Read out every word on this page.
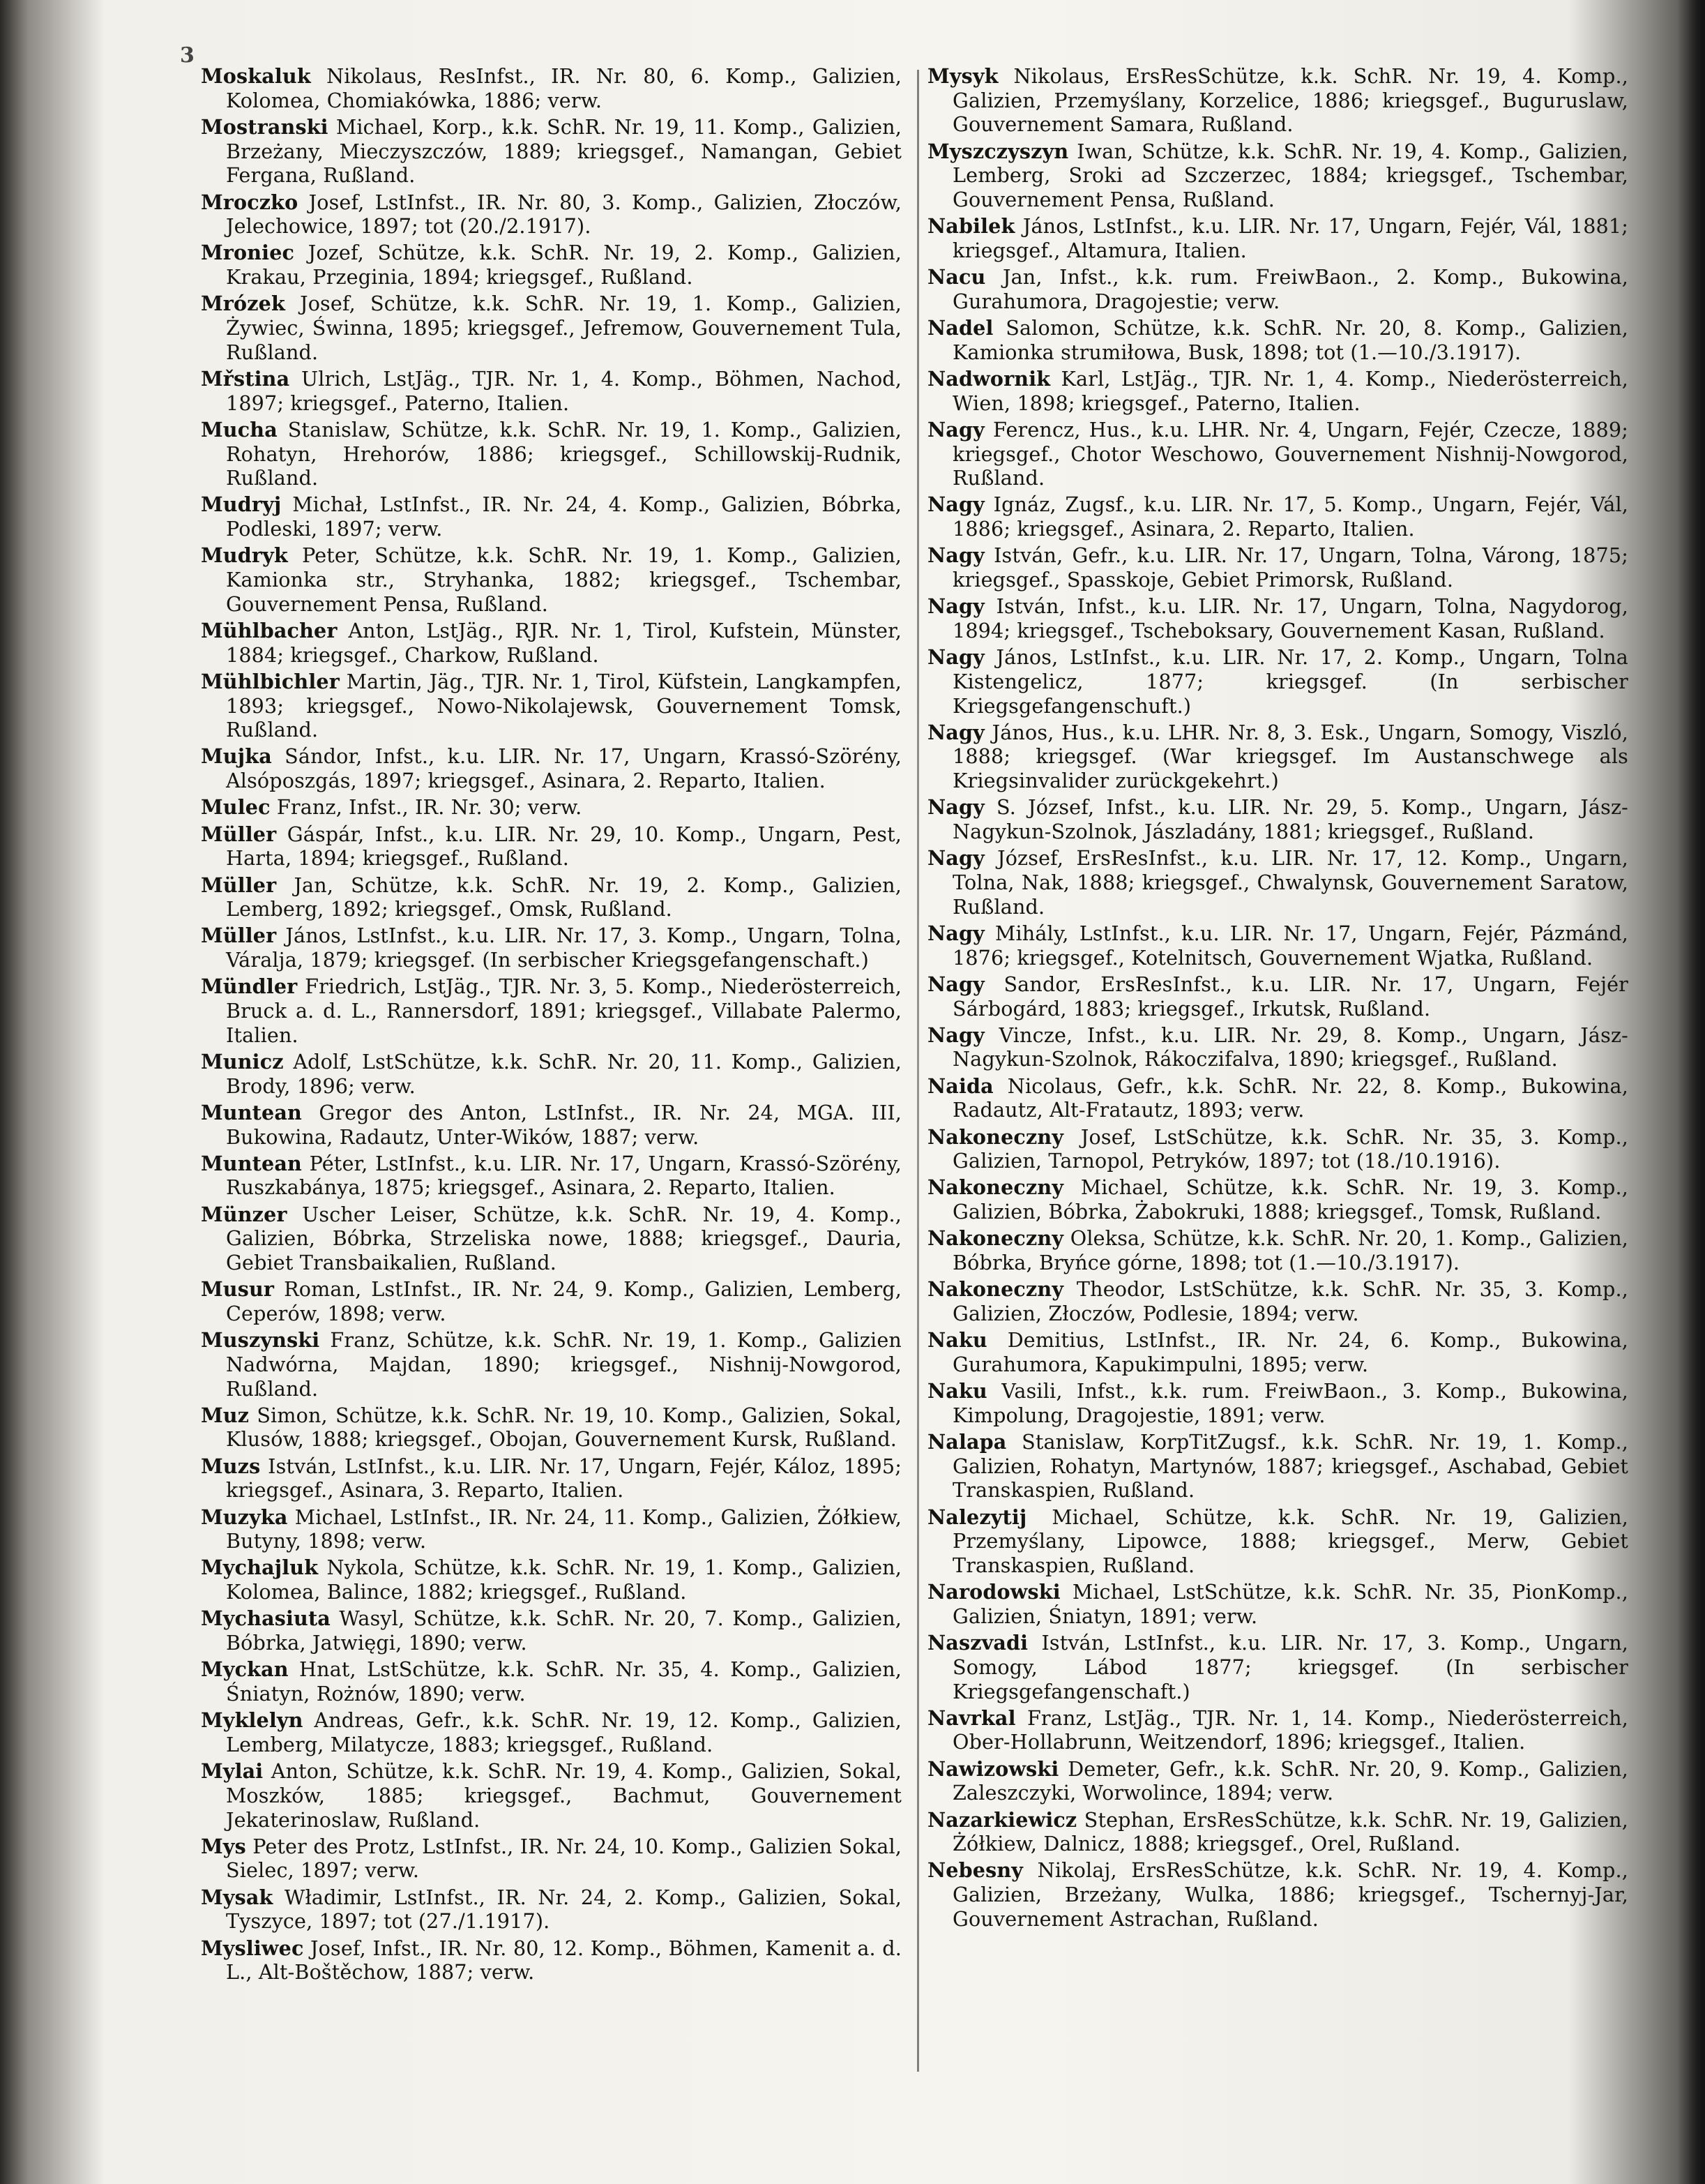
3

Moskaluk Nikolaus, ResInfst., IR. Nr. 80, 6. Komp., Galizien, Kolomea, Chomiakówka, 1886; verw.

Mostranski Michael, Korp., k.k. SchR. Nr. 19, 11. Komp., Galizien, Brzeżany, Mieczyszczów, 1889; kriegsgef., Namangan, Gebiet Fergana, Rußland.

Mroczko Josef, LstInfst., IR. Nr. 80, 3. Komp., Galizien, Złoczów, Jelechowice, 1897; tot (20./2.1917).

Mroniec Jozef, Schütze, k.k. SchR. Nr. 19, 2. Komp., Galizien, Krakau, Przeginia, 1894; kriegsgef., Rußland.

Mrózek Josef, Schütze, k.k. SchR. Nr. 19, 1. Komp., Galizien, Żywiec, Świnna, 1895; kriegsgef., Jefremow, Gouvernement Tula, Rußland.

Mřstina Ulrich, LstJäg., TJR. Nr. 1, 4. Komp., Böhmen, Nachod, 1897; kriegsgef., Paterno, Italien.

Mucha Stanislaw, Schütze, k.k. SchR. Nr. 19, 1. Komp., Galizien, Rohatyn, Hrehorów, 1886; kriegsgef., Schillowskij-Rudnik, Rußland.

Mudryj Michał, LstInfst., IR. Nr. 24, 4. Komp., Galizien, Bóbrka, Podleski, 1897; verw.

Mudryk Peter, Schütze, k.k. SchR. Nr. 19, 1. Komp., Galizien, Kamionka str., Stryhanka, 1882; kriegsgef., Tschembar, Gouvernement Pensa, Rußland.

Mühlbacher Anton, LstJäg., RJR. Nr. 1, Tirol, Kufstein, Münster, 1884; kriegsgef., Charkow, Rußland.

Mühlbichler Martin, Jäg., TJR. Nr. 1, Tirol, Küfstein, Langkampfen, 1893; kriegsgef., Nowo-Nikolajewsk, Gouvernement Tomsk, Rußland.

Mujka Sándor, Infst., k.u. LIR. Nr. 17, Ungarn, Krassó-Szörény, Alsóposzgás, 1897; kriegsgef., Asinara, 2. Reparto, Italien.

Mulec Franz, Infst., IR. Nr. 30; verw.

Müller Gáspár, Infst., k.u. LIR. Nr. 29, 10. Komp., Ungarn, Pest, Harta, 1894; kriegsgef., Rußland.

Müller Jan, Schütze, k.k. SchR. Nr. 19, 2. Komp., Galizien, Lemberg, 1892; kriegsgef., Omsk, Rußland.

Müller János, LstInfst., k.u. LIR. Nr. 17, 3. Komp., Ungarn, Tolna, Váralja, 1879; kriegsgef. (In serbischer Kriegsgefangenschaft.)

Mündler Friedrich, LstJäg., TJR. Nr. 3, 5. Komp., Niederösterreich, Bruck a. d. L., Rannersdorf, 1891; kriegsgef., Villabate Palermo, Italien.

Municz Adolf, LstSchütze, k.k. SchR. Nr. 20, 11. Komp., Galizien, Brody, 1896; verw.

Muntean Gregor des Anton, LstInfst., IR. Nr. 24, MGA. III, Bukowina, Radautz, Unter-Wików, 1887; verw.

Muntean Péter, LstInfst., k.u. LIR. Nr. 17, Ungarn, Krassó-Szörény, Ruszkabánya, 1875; kriegsgef., Asinara, 2. Reparto, Italien.

Münzer Uscher Leiser, Schütze, k.k. SchR. Nr. 19, 4. Komp., Galizien, Bóbrka, Strzeliska nowe, 1888; kriegsgef., Dauria, Gebiet Transbaikalien, Rußland.

Musur Roman, LstInfst., IR. Nr. 24, 9. Komp., Galizien, Lemberg, Ceperów, 1898; verw.

Muszynski Franz, Schütze, k.k. SchR. Nr. 19, 1. Komp., Galizien Nadwórna, Majdan, 1890; kriegsgef., Nishnij-Nowgorod, Rußland.

Muz Simon, Schütze, k.k. SchR. Nr. 19, 10. Komp., Galizien, Sokal, Klusów, 1888; kriegsgef., Obojan, Gouvernement Kursk, Rußland.

Muzs István, LstInfst., k.u. LIR. Nr. 17, Ungarn, Fejér, Káloz, 1895; kriegsgef., Asinara, 3. Reparto, Italien.

Muzyka Michael, LstInfst., IR. Nr. 24, 11. Komp., Galizien, Żółkiew, Butyny, 1898; verw.

Mychajluk Nykola, Schütze, k.k. SchR. Nr. 19, 1. Komp., Galizien, Kolomea, Balince, 1882; kriegsgef., Rußland.

Mychasiuta Wasyl, Schütze, k.k. SchR. Nr. 20, 7. Komp., Galizien, Bóbrka, Jatwięgi, 1890; verw.

Myckan Hnat, LstSchütze, k.k. SchR. Nr. 35, 4. Komp., Galizien, Śniatyn, Rożnów, 1890; verw.

Myklelyn Andreas, Gefr., k.k. SchR. Nr. 19, 12. Komp., Galizien, Lemberg, Milatycze, 1883; kriegsgef., Rußland.

Mylai Anton, Schütze, k.k. SchR. Nr. 19, 4. Komp., Galizien, Sokal, Moszków, 1885; kriegsgef., Bachmut, Gouvernement Jekaterinoslaw, Rußland.

Mys Peter des Protz, LstInfst., IR. Nr. 24, 10. Komp., Galizien Sokal, Sielec, 1897; verw.

Mysak Władimir, LstInfst., IR. Nr. 24, 2. Komp., Galizien, Sokal, Tyszyce, 1897; tot (27./1.1917).

Mysliwec Josef, Infst., IR. Nr. 80, 12. Komp., Böhmen, Kamenit a. d. L., Alt-Boštěchow, 1887; verw.

Mysyk Nikolaus, ErsResSchütze, k.k. SchR. Nr. 19, 4. Komp., Galizien, Przemyślany, Korzelice, 1886; kriegsgef., Buguruslaw, Gouvernement Samara, Rußland.

Myszczyszyn Iwan, Schütze, k.k. SchR. Nr. 19, 4. Komp., Galizien, Lemberg, Sroki ad Szczerzec, 1884; kriegsgef., Tschembar, Gouvernement Pensa, Rußland.

Nabilek János, LstInfst., k.u. LIR. Nr. 17, Ungarn, Fejér, Vál, 1881; kriegsgef., Altamura, Italien.

Nacu Jan, Infst., k.k. rum. FreiwBaon., 2. Komp., Bukowina, Gurahumora, Dragojestie; verw.

Nadel Salomon, Schütze, k.k. SchR. Nr. 20, 8. Komp., Galizien, Kamionka strumiłowa, Busk, 1898; tot (1.—10./3.1917).

Nadwornik Karl, LstJäg., TJR. Nr. 1, 4. Komp., Niederösterreich, Wien, 1898; kriegsgef., Paterno, Italien.

Nagy Ferencz, Hus., k.u. LHR. Nr. 4, Ungarn, Fejér, Czecze, 1889; kriegsgef., Chotor Weschowo, Gouvernement Nishnij-Nowgorod, Rußland.

Nagy Ignáz, Zugsf., k.u. LIR. Nr. 17, 5. Komp., Ungarn, Fejér, Vál, 1886; kriegsgef., Asinara, 2. Reparto, Italien.

Nagy István, Gefr., k.u. LIR. Nr. 17, Ungarn, Tolna, Várong, 1875; kriegsgef., Spasskoje, Gebiet Primorsk, Rußland.

Nagy István, Infst., k.u. LIR. Nr. 17, Ungarn, Tolna, Nagydorog, 1894; kriegsgef., Tscheboksary, Gouvernement Kasan, Rußland.

Nagy János, LstInfst., k.u. LIR. Nr. 17, 2. Komp., Ungarn, Tolna Kistengelicz, 1877; kriegsgef. (In serbischer Kriegsgefangenschuft.)

Nagy János, Hus., k.u. LHR. Nr. 8, 3. Esk., Ungarn, Somogy, Viszló, 1888; kriegsgef. (War kriegsgef. Im Austanschwege als Kriegsinvalider zurückgekehrt.)

Nagy S. József, Infst., k.u. LIR. Nr. 29, 5. Komp., Ungarn, Jász-Nagykun-Szolnok, Jászladány, 1881; kriegsgef., Rußland.

Nagy József, ErsResInfst., k.u. LIR. Nr. 17, 12. Komp., Ungarn, Tolna, Nak, 1888; kriegsgef., Chwalynsk, Gouvernement Saratow, Rußland.

Nagy Mihály, LstInfst., k.u. LIR. Nr. 17, Ungarn, Fejér, Pázmánd, 1876; kriegsgef., Kotelnitsch, Gouvernement Wjatka, Rußland.

Nagy Sandor, ErsResInfst., k.u. LIR. Nr. 17, Ungarn, Fejér Sárbogárd, 1883; kriegsgef., Irkutsk, Rußland.

Nagy Vincze, Infst., k.u. LIR. Nr. 29, 8. Komp., Ungarn, Jász-Nagykun-Szolnok, Rákoczifalva, 1890; kriegsgef., Rußland.

Naida Nicolaus, Gefr., k.k. SchR. Nr. 22, 8. Komp., Bukowina, Radautz, Alt-Fratautz, 1893; verw.

Nakoneczny Josef, LstSchütze, k.k. SchR. Nr. 35, 3. Komp., Galizien, Tarnopol, Petryków, 1897; tot (18./10.1916).

Nakoneczny Michael, Schütze, k.k. SchR. Nr. 19, 3. Komp., Galizien, Bóbrka, Żabokruki, 1888; kriegsgef., Tomsk, Rußland.

Nakoneczny Oleksa, Schütze, k.k. SchR. Nr. 20, 1. Komp., Galizien, Bóbrka, Bryńce górne, 1898; tot (1.—10./3.1917).

Nakoneczny Theodor, LstSchütze, k.k. SchR. Nr. 35, 3. Komp., Galizien, Złoczów, Podlesie, 1894; verw.

Naku Demitius, LstInfst., IR. Nr. 24, 6. Komp., Bukowina, Gurahumora, Kapukimpulni, 1895; verw.

Naku Vasili, Infst., k.k. rum. FreiwBaon., 3. Komp., Bukowina, Kimpolung, Dragojestie, 1891; verw.

Nalapa Stanislaw, KorpTitZugsf., k.k. SchR. Nr. 19, 1. Komp., Galizien, Rohatyn, Martynów, 1887; kriegsgef., Aschabad, Gebiet Transkaspien, Rußland.

Nalezytij Michael, Schütze, k.k. SchR. Nr. 19, Galizien, Przemyślany, Lipowce, 1888; kriegsgef., Merw, Gebiet Transkaspien, Rußland.

Narodowski Michael, LstSchütze, k.k. SchR. Nr. 35, PionKomp., Galizien, Śniatyn, 1891; verw.

Naszvadi István, LstInfst., k.u. LIR. Nr. 17, 3. Komp., Ungarn, Somogy, Lábod 1877; kriegsgef. (In serbischer Kriegsgefangenschaft.)

Navrkal Franz, LstJäg., TJR. Nr. 1, 14. Komp., Niederösterreich, Ober-Hollabrunn, Weitzendorf, 1896; kriegsgef., Italien.

Nawizowski Demeter, Gefr., k.k. SchR. Nr. 20, 9. Komp., Galizien, Zaleszczyki, Worwolince, 1894; verw.

Nazarkiewicz Stephan, ErsResSchütze, k.k. SchR. Nr. 19, Galizien, Żółkiew, Dalnicz, 1888; kriegsgef., Orel, Rußland.

Nebesny Nikolaj, ErsResSchütze, k.k. SchR. Nr. 19, 4. Komp., Galizien, Brzeżany, Wulka, 1886; kriegsgef., Tschernyj-Jar, Gouvernement Astrachan, Rußland.
